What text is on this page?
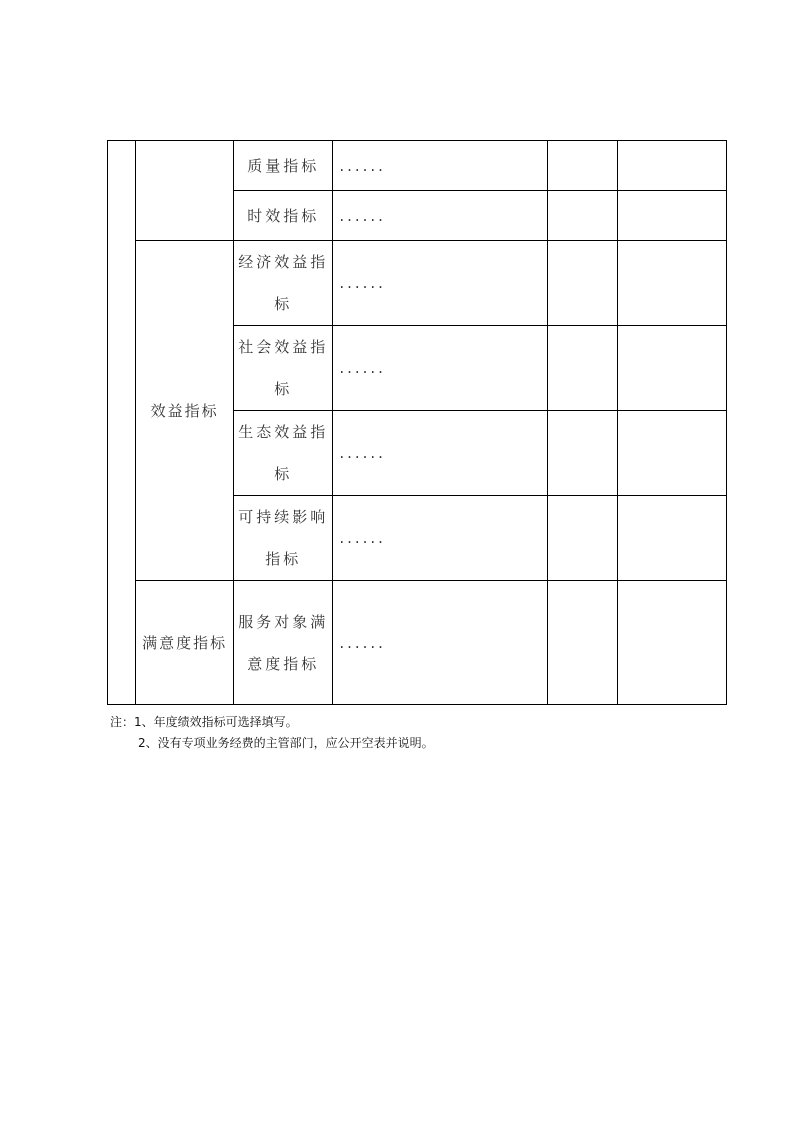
		质量指标	......		
		时效指标	......		
	效益指标	经济效益指标	......		
		社会效益指标	......		
		生态效益指标	......		
		可持续影响指标	......		
	满意度指标	服务对象满意度指标	......		
注：1、年度绩效指标可选择填写。
2、没有专项业务经费的主管部门，应公开空表并说明。
